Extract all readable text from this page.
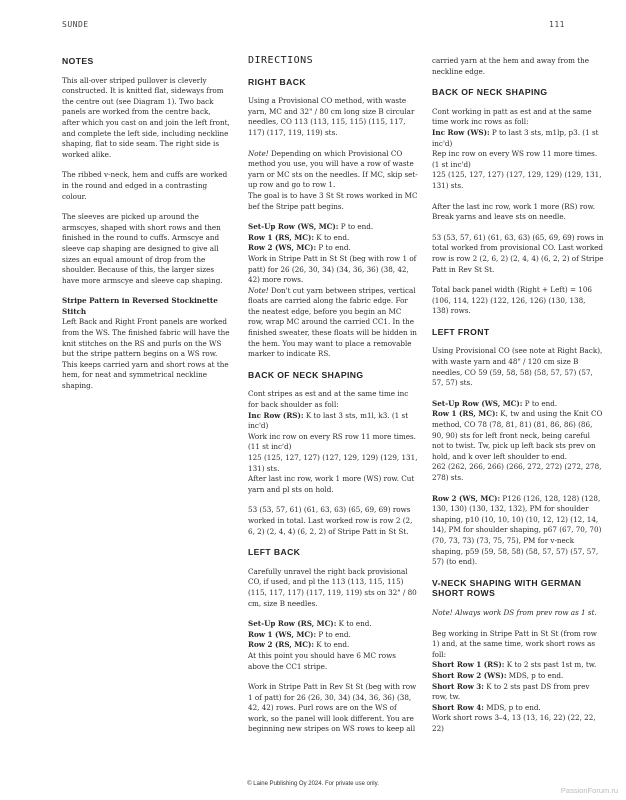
SUNDE	111
NOTES

This all-over striped pullover is cleverly constructed. It is knitted flat, sideways from the centre out (see Diagram 1). Two back panels are worked from the centre back, after which you cast on and join the left front, and complete the left side, including neckline shaping, flat to side seam. The right side is worked alike.

The ribbed v-neck, hem and cuffs are worked in the round and edged in a contrasting colour.

The sleeves are picked up around the armscyes, shaped with short rows and then finished in the round to cuffs. Armscye and sleeve cap shaping are designed to give all sizes an equal amount of drop from the shoulder. Because of this, the larger sizes have more armscye and sleeve cap shaping.

Stripe Pattern in Reversed Stockinette Stitch
Left Back and Right Front panels are worked from the WS. The finished fabric will have the knit stitches on the RS and purls on the WS but the stripe pattern begins on a WS row. This keeps carried yarn and short rows at the hem, for neat and symmetrical neckline shaping.

DIRECTIONS
RIGHT BACK

Using a Provisional CO method, with waste yarn, MC and 32" / 80 cm long size B circular needles, CO 113 (113, 115, 115) (115, 117, 117) (117, 119, 119) sts.

Note! Depending on which Provisional CO method you use, you will have a row of waste yarn or MC sts on the needles. If MC, skip set-up row and go to row 1.
The goal is to have 3 St St rows worked in MC bef the Stripe patt begins.

Set-Up Row (WS, MC): P to end.
Row 1 (RS, MC): K to end.
Row 2 (WS, MC): P to end.
Work in Stripe Patt in St St (beg with row 1 of patt) for 26 (26, 30, 34) (34, 36, 36) (38, 42, 42) more rows.
Note! Don't cut yarn between stripes, vertical floats are carried along the fabric edge. For the neatest edge, before you begin an MC row, wrap MC around the carried CC1. In the finished sweater, these floats will be hidden in the hem. You may want to place a removable marker to indicate RS.

BACK OF NECK SHAPING

Cont stripes as est and at the same time inc for back shoulder as foll:
Inc Row (RS): K to last 3 sts, m1l, k3. (1 st inc'd)
Work inc row on every RS row 11 more times. (11 st inc'd)
125 (125, 127, 127) (127, 129, 129) (129, 131, 131) sts.
After last inc row, work 1 more (WS) row. Cut yarn and pl sts on hold.

53 (53, 57, 61) (61, 63, 63) (65, 69, 69) rows worked in total. Last worked row is row 2 (2, 6, 2) (2, 4, 4) (6, 2, 2) of Stripe Patt in St St.

LEFT BACK

Carefully unravel the right back provisional CO, if used, and pl the 113 (113, 115, 115) (115, 117, 117) (117, 119, 119) sts on 32" / 80 cm, size B needles.

Set-Up Row (RS, MC): K to end.
Row 1 (WS, MC): P to end.
Row 2 (RS, MC): K to end.
At this point you should have 6 MC rows above the CC1 stripe.

Work in Stripe Patt in Rev St St (beg with row 1 of patt) for 26 (26, 30, 34) (34, 36, 36) (38, 42, 42) rows. Purl rows are on the WS of work, so the panel will look different. You are beginning new stripes on WS rows to keep all

carried yarn at the hem and away from the neckline edge.

BACK OF NECK SHAPING

Cont working in patt as est and at the same time work inc rows as foll:
Inc Row (WS): P to last 3 sts, m1lp, p3. (1 st inc'd)
Rep inc row on every WS row 11 more times. (1 st inc'd)
125 (125, 127, 127) (127, 129, 129) (129, 131, 131) sts.

After the last inc row, work 1 more (RS) row. Break yarns and leave sts on needle.

53 (53, 57, 61) (61, 63, 63) (65, 69, 69) rows in total worked from provisional CO. Last worked row is row 2 (2, 6, 2) (2, 4, 4) (6, 2, 2) of Stripe Patt in Rev St St.

Total back panel width (Right + Left) = 106 (106, 114, 122) (122, 126, 126) (130, 138, 138) rows.

LEFT FRONT

Using Provisional CO (see note at Right Back), with waste yarn and 48" / 120 cm size B needles, CO 59 (59, 58, 58) (58, 57, 57) (57, 57, 57) sts.

Set-Up Row (WS, MC): P to end.
Row 1 (RS, MC): K, tw and using the Knit CO method, CO 78 (78, 81, 81) (81, 86, 86) (86, 90, 90) sts for left front neck, being careful not to twist. Tw, pick up left back sts prev on hold, and k over left shoulder to end.
262 (262, 266, 266) (266, 272, 272) (272, 278, 278) sts.

Row 2 (WS, MC): P126 (126, 128, 128) (128, 130, 130) (130, 132, 132), PM for shoulder shaping, p10 (10, 10, 10) (10, 12, 12) (12, 14, 14), PM for shoulder shaping, p67 (67, 70, 70) (70, 73, 73) (73, 75, 75), PM for v-neck shaping, p59 (59, 58, 58) (58, 57, 57) (57, 57, 57) (to end).

V-NECK SHAPING WITH GERMAN SHORT ROWS

Note! Always work DS from prev row as 1 st.

Beg working in Stripe Patt in St St (from row 1) and, at the same time, work short rows as foll:
Short Row 1 (RS): K to 2 sts past 1st m, tw.
Short Row 2 (WS): MDS, p to end.
Short Row 3: K to 2 sts past DS from prev row, tw.
Short Row 4: MDS, p to end.
Work short rows 3–4, 13 (13, 16, 22) (22, 22, 22)

© Laine Publishing Oy 2024. For private use only.
PassionForum.ru
